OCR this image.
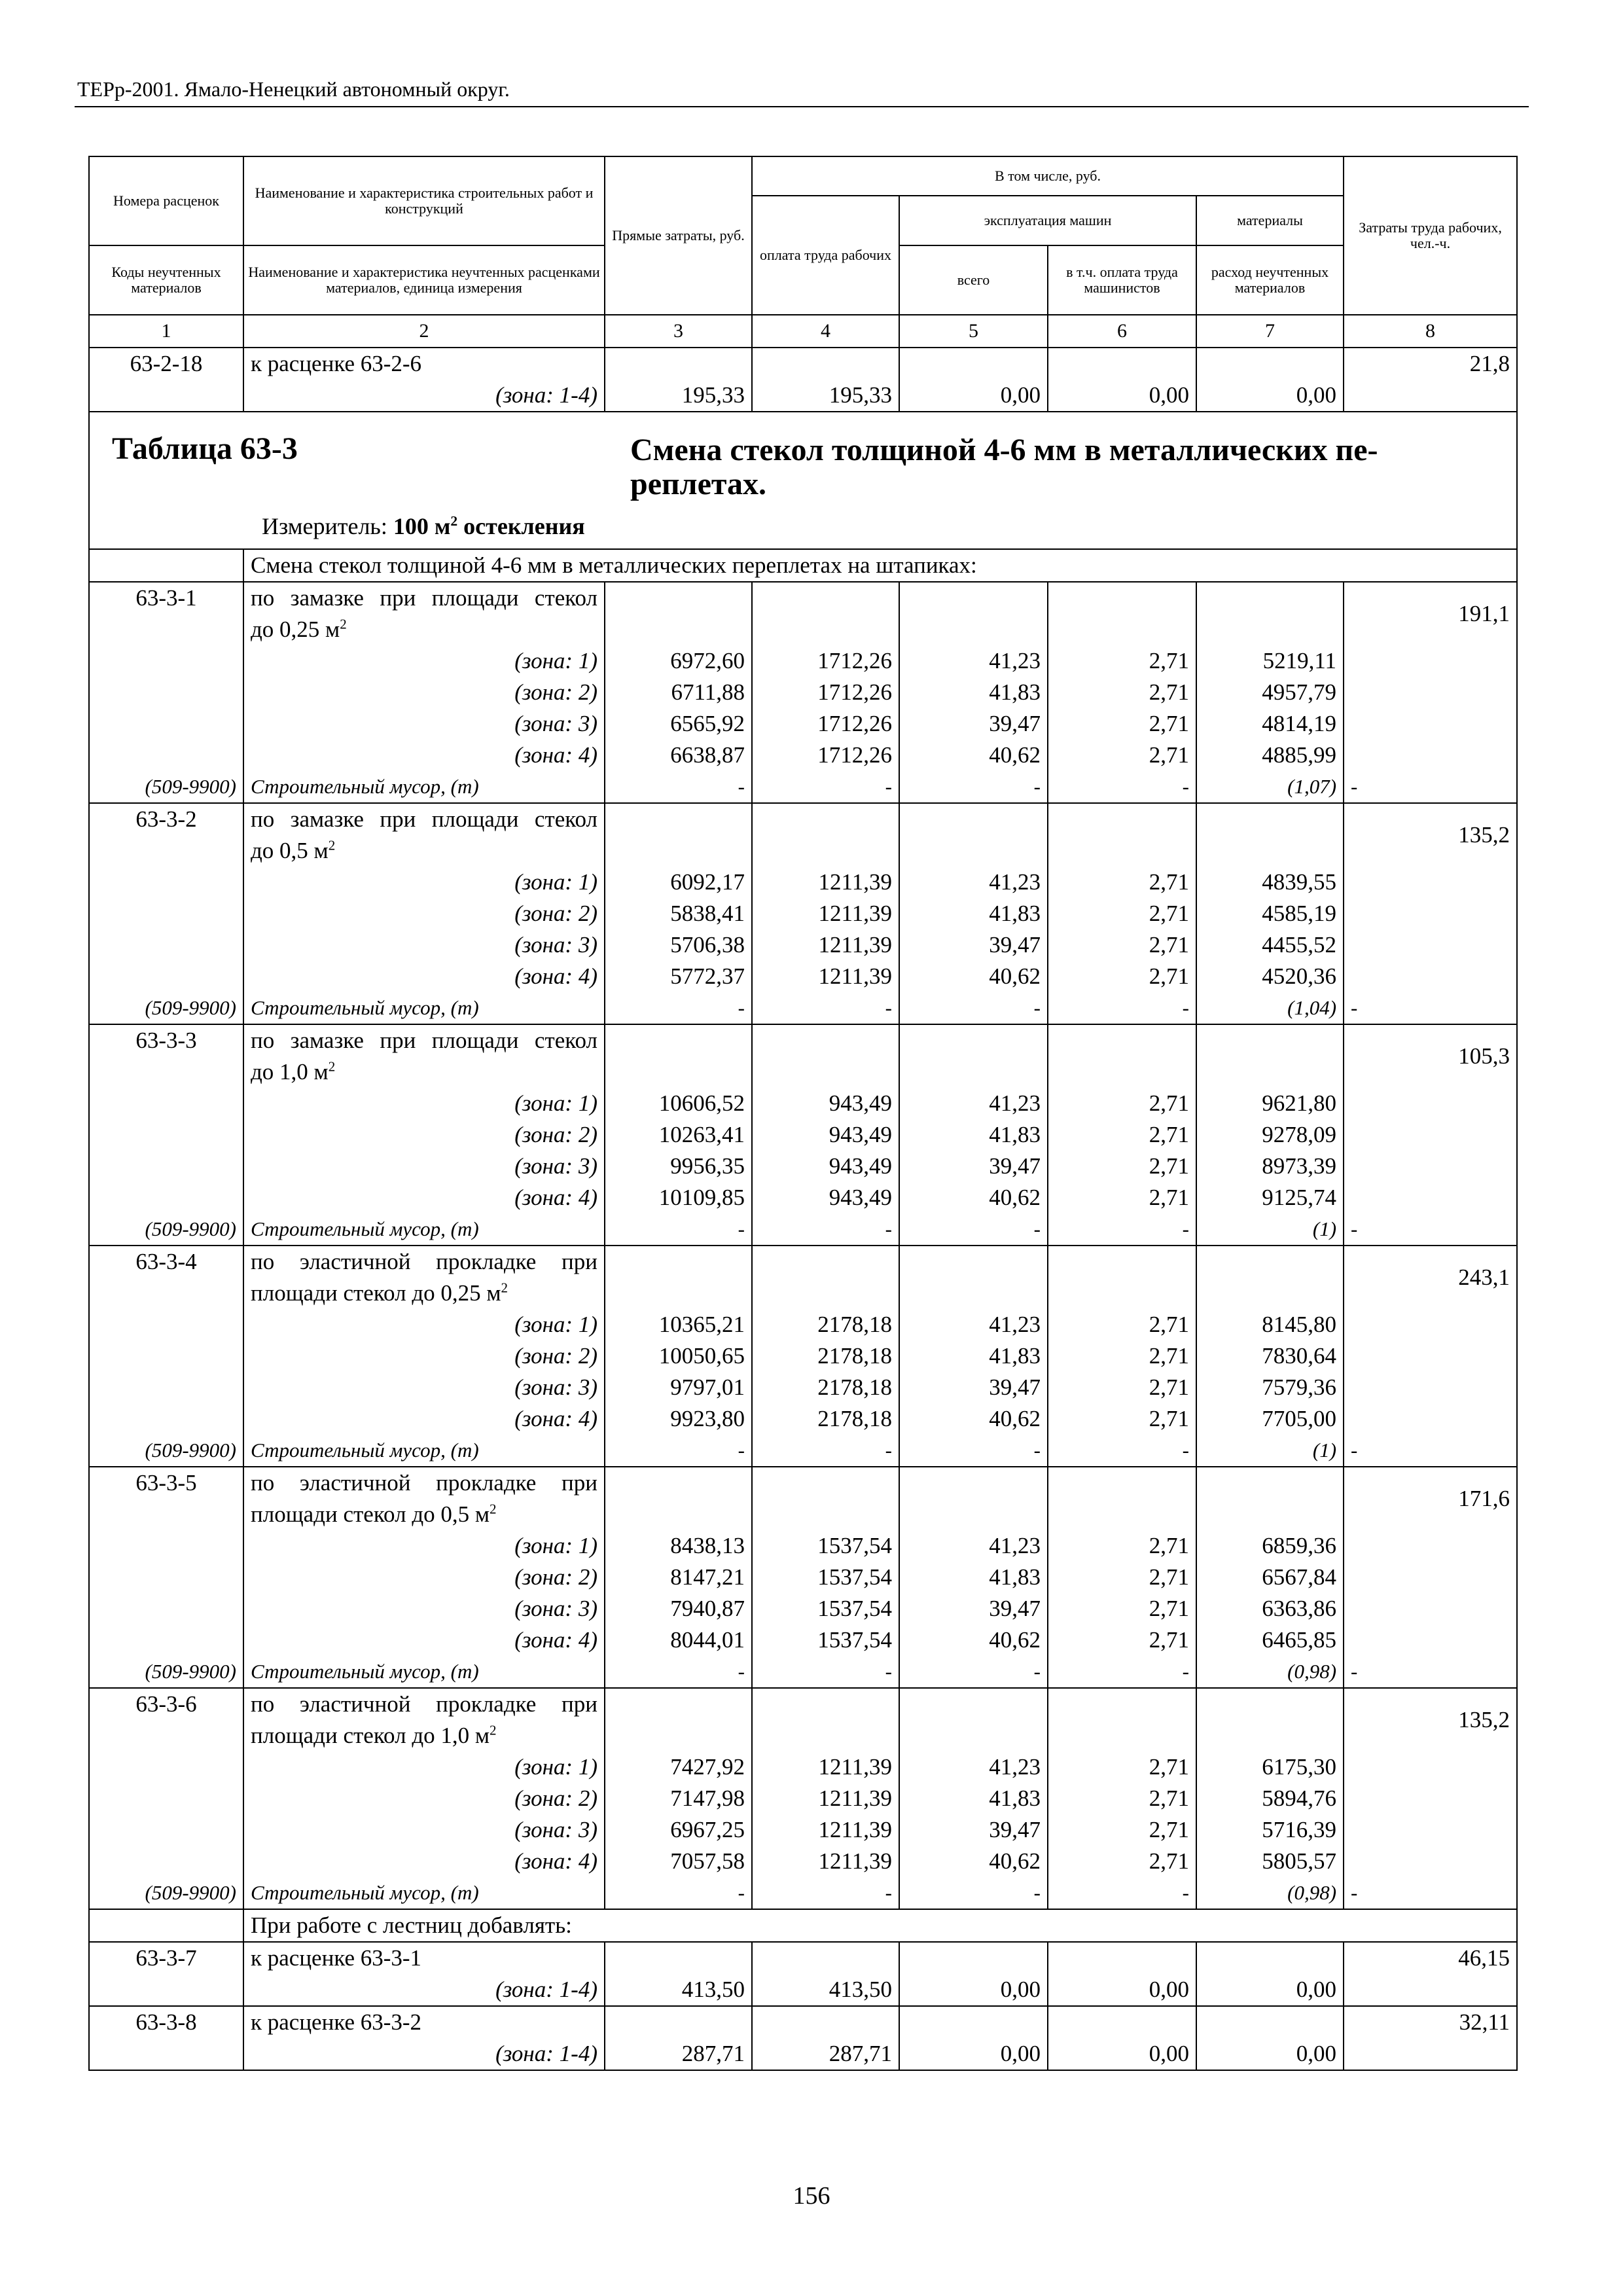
ТЕРр-2001. Ямало-Ненецкий автономный округ.
Номера расценок	Наименование и характеристика строительных работ и конструкций	Прямые затраты, руб.	В том числе, руб.				Затраты труда рабочих, чел.-ч.
			оплата труда рабочих	эксплуатация машин		материалы	
Коды неучтенных материалов	Наименование и характеристика неучтенных расценками материалов, единица измерения			всего	в т.ч. оплата труда машинистов	расход неучтенных материалов	
1	2	3	4	5	6	7	8
63-2-18	к расценке 63-2-6						21,8
	(зона: 1-4)	195,33	195,33	0,00	0,00	0,00	

Таблица 63-3 Смена стекол толщиной 4-6 мм в металлических пе-реплетах.
Измеритель: 100 $м^2$ остекления							

	Смена стекол толщиной 4-6 мм в металлических переплетах на штапиках:						
63-3-1	по замазке при площади стекол						191,1
	до 0,25 $м^2$					
	(зона: 1)	6972,60	1712,26	41,23	2,71	5219,11	
	(зона: 2)	6711,88	1712,26	41,83	2,71	4957,79	
	(зона: 3)	6565,92	1712,26	39,47	2,71	4814,19	
	(зона: 4)	6638,87	1712,26	40,62	2,71	4885,99	
(509-9900)	Строительный мусор, (т)	-	-	-	-	(1,07)	-
63-3-2	по замазке при площади стекол						135,2
	до 0,5 $м^2$					
	(зона: 1)	6092,17	1211,39	41,23	2,71	4839,55	
	(зона: 2)	5838,41	1211,39	41,83	2,71	4585,19	
	(зона: 3)	5706,38	1211,39	39,47	2,71	4455,52	
	(зона: 4)	5772,37	1211,39	40,62	2,71	4520,36	
(509-9900)	Строительный мусор, (т)	-	-	-	-	(1,04)	-
63-3-3	по замазке при площади стекол						105,3
	до 1,0 $м^2$					
	(зона: 1)	10606,52	943,49	41,23	2,71	9621,80	
	(зона: 2)	10263,41	943,49	41,83	2,71	9278,09	
	(зона: 3)	9956,35	943,49	39,47	2,71	8973,39	
	(зона: 4)	10109,85	943,49	40,62	2,71	9125,74	
(509-9900)	Строительный мусор, (т)	-	-	-	-	(1)	-
63-3-4	по эластичной прокладке при						243,1
	площади стекол до 0,25 $м^2$					
	(зона: 1)	10365,21	2178,18	41,23	2,71	8145,80	
	(зона: 2)	10050,65	2178,18	41,83	2,71	7830,64	
	(зона: 3)	9797,01	2178,18	39,47	2,71	7579,36	
	(зона: 4)	9923,80	2178,18	40,62	2,71	7705,00	
(509-9900)	Строительный мусор, (т)	-	-	-	-	(1)	-
63-3-5	по эластичной прокладке при						171,6
	площади стекол до 0,5 $м^2$					
	(зона: 1)	8438,13	1537,54	41,23	2,71	6859,36	
	(зона: 2)	8147,21	1537,54	41,83	2,71	6567,84	
	(зона: 3)	7940,87	1537,54	39,47	2,71	6363,86	
	(зона: 4)	8044,01	1537,54	40,62	2,71	6465,85	
(509-9900)	Строительный мусор, (т)	-	-	-	-	(0,98)	-
63-3-6	по эластичной прокладке при						135,2
	площади стекол до 1,0 $м^2$					
	(зона: 1)	7427,92	1211,39	41,23	2,71	6175,30	
	(зона: 2)	7147,98	1211,39	41,83	2,71	5894,76	
	(зона: 3)	6967,25	1211,39	39,47	2,71	5716,39	
	(зона: 4)	7057,58	1211,39	40,62	2,71	5805,57	
(509-9900)	Строительный мусор, (т)	-	-	-	-	(0,98)	-
	При работе с лестниц добавлять:						
63-3-7	к расценке 63-3-1						46,15
	(зона: 1-4)	413,50	413,50	0,00	0,00	0,00	
63-3-8	к расценке 63-3-2						32,11
	(зона: 1-4)	287,71	287,71	0,00	0,00	0,00	
156
